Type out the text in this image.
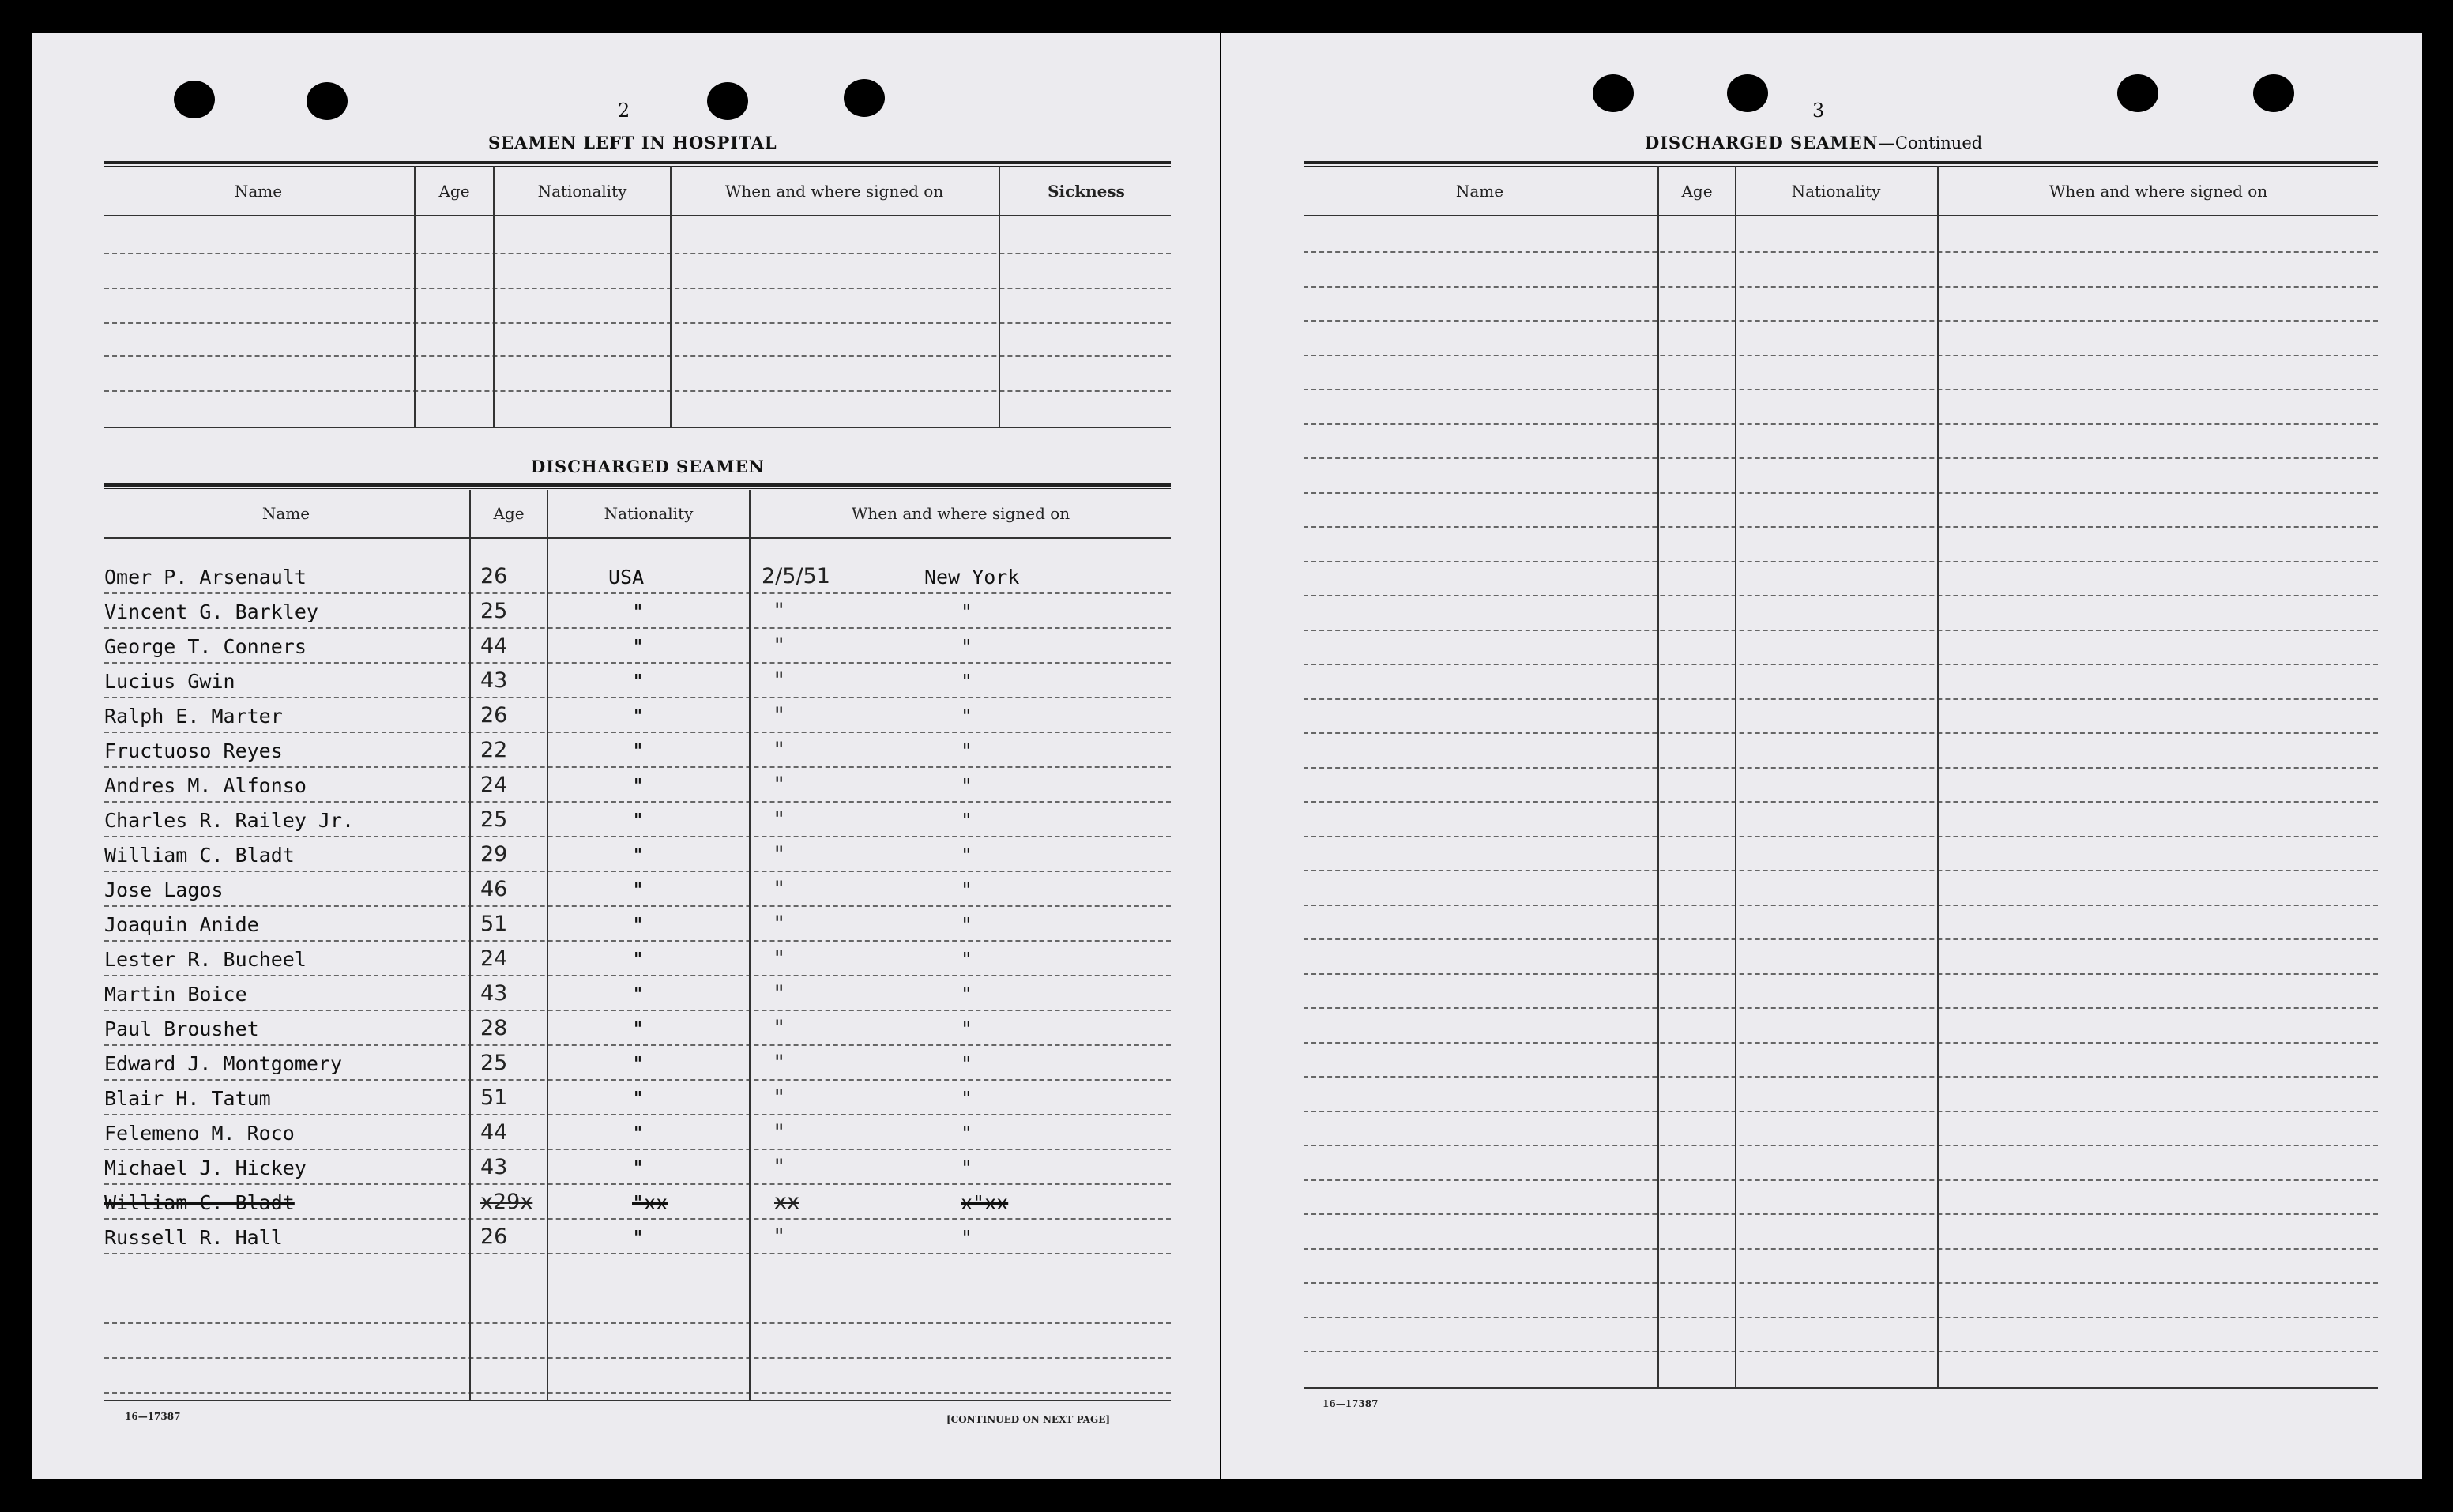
2
SEAMEN LEFT IN HOSPITAL
Name	Age	Nationality	When and where signed on	Sickness
DISCHARGED SEAMEN
Name	Age	Nationality	When and where signed on
Omer P. Arsenault	26	USA	2/5/51	New York
Vincent G. Barkley	25	"	"	"
George T. Conners	44	"	"	"
Lucius Gwin	43	"	"	"
Ralph E. Marter	26	"	"	"
Fructuoso Reyes	22	"	"	"
Andres M. Alfonso	24	"	"	"
Charles R. Railey Jr.	25	"	"	"
William C. Bladt	29	"	"	"
Jose Lagos	46	"	"	"
Joaquin Anide	51	"	"	"
Lester R. Bucheel	24	"	"	"
Martin Boice	43	"	"	"
Paul Broushet	28	"	"	"
Edward J. Montgomery	25	"	"	"
Blair H. Tatum	51	"	"	"
Felemeno M. Roco	44	"	"	"
Michael J. Hickey	43	"	"	"
William C. Bladt	x29x	"xx	xx	x"xx
Russell R. Hall	26	"	"	"
16—17387	[CONTINUED ON NEXT PAGE]
3
DISCHARGED SEAMEN—Continued
Name	Age	Nationality	When and where signed on
16—17387
